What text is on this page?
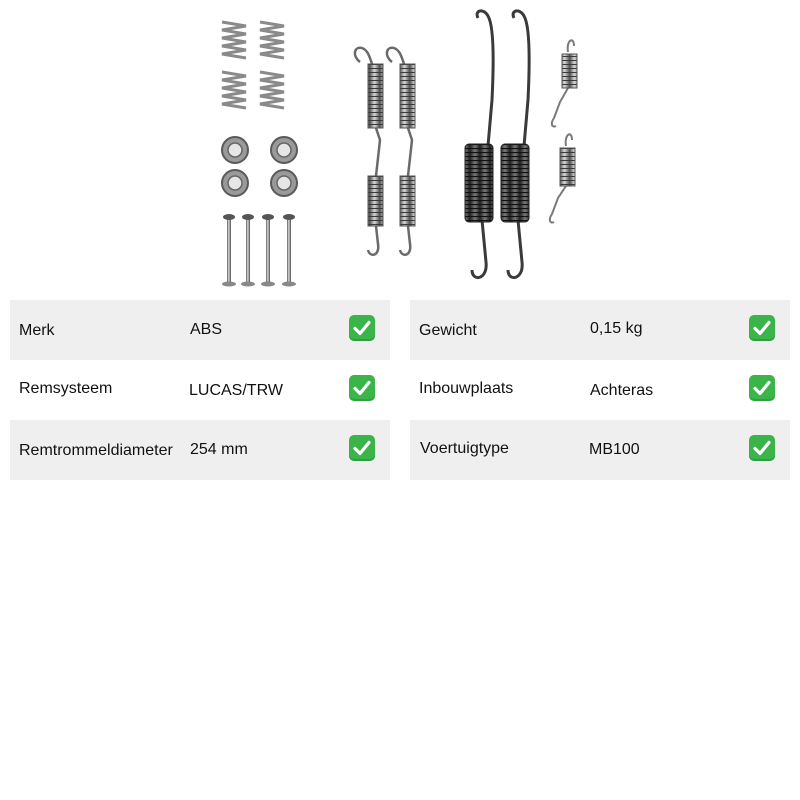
Merk	ABS
Remsysteem	LUCAS/TRW
Remtrommeldiameter 254 mm
Gewicht	0,15 kg
Inbouwplaats	Achteras
Voertuigtype	MB100
